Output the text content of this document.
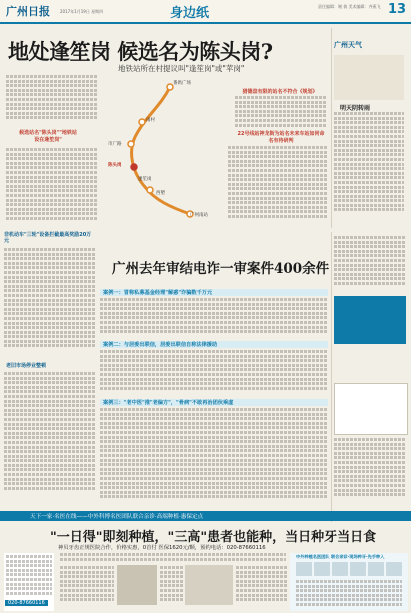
广州日报	2017年1月19日 星期四	身边纸	责任编辑：谢 倩 美术编辑：齐燕飞 13
地处逢笙岗 候选名为陈头岗?
地铁站所在村提议叫"逢笙岗"或"苹岗"
候选站名"陈头岗""地铁站设在逢笙岗"
番禺广场
南村
市广路
陈头岗
逢笙岗
西塱
广州南站
猎德盘有限的站名不符合《规划》
22号线站神龙街为站名未来车站如何命名有待研判
广州天气
明天阴转雨
非机动车"三轮"设备拦截最高奖励20万元
老旧市场停业整顿
广州去年审结电诈一审案件400余件
案例一：冒称私募基金经理"解惑"诈骗数千万元
案例二：与居委出联信，居委出联信自称法律援助
案例三："老中医"推"老偏方"，"骨病"不敢再治团伙乘虚
天下一家·名医在线——中外科博名医团队联合亲诊·高端种植·惠保定点
"一日得"即刻种植，"三高"患者也能种，当日种牙当日食
神贝牙齿正规医院合作，价格实惠，0首付 医保1620元/颗，预约电话：020-87660116
020-87660116
中外种植名医团队 联合亲诊·现场种牙·先手种入
